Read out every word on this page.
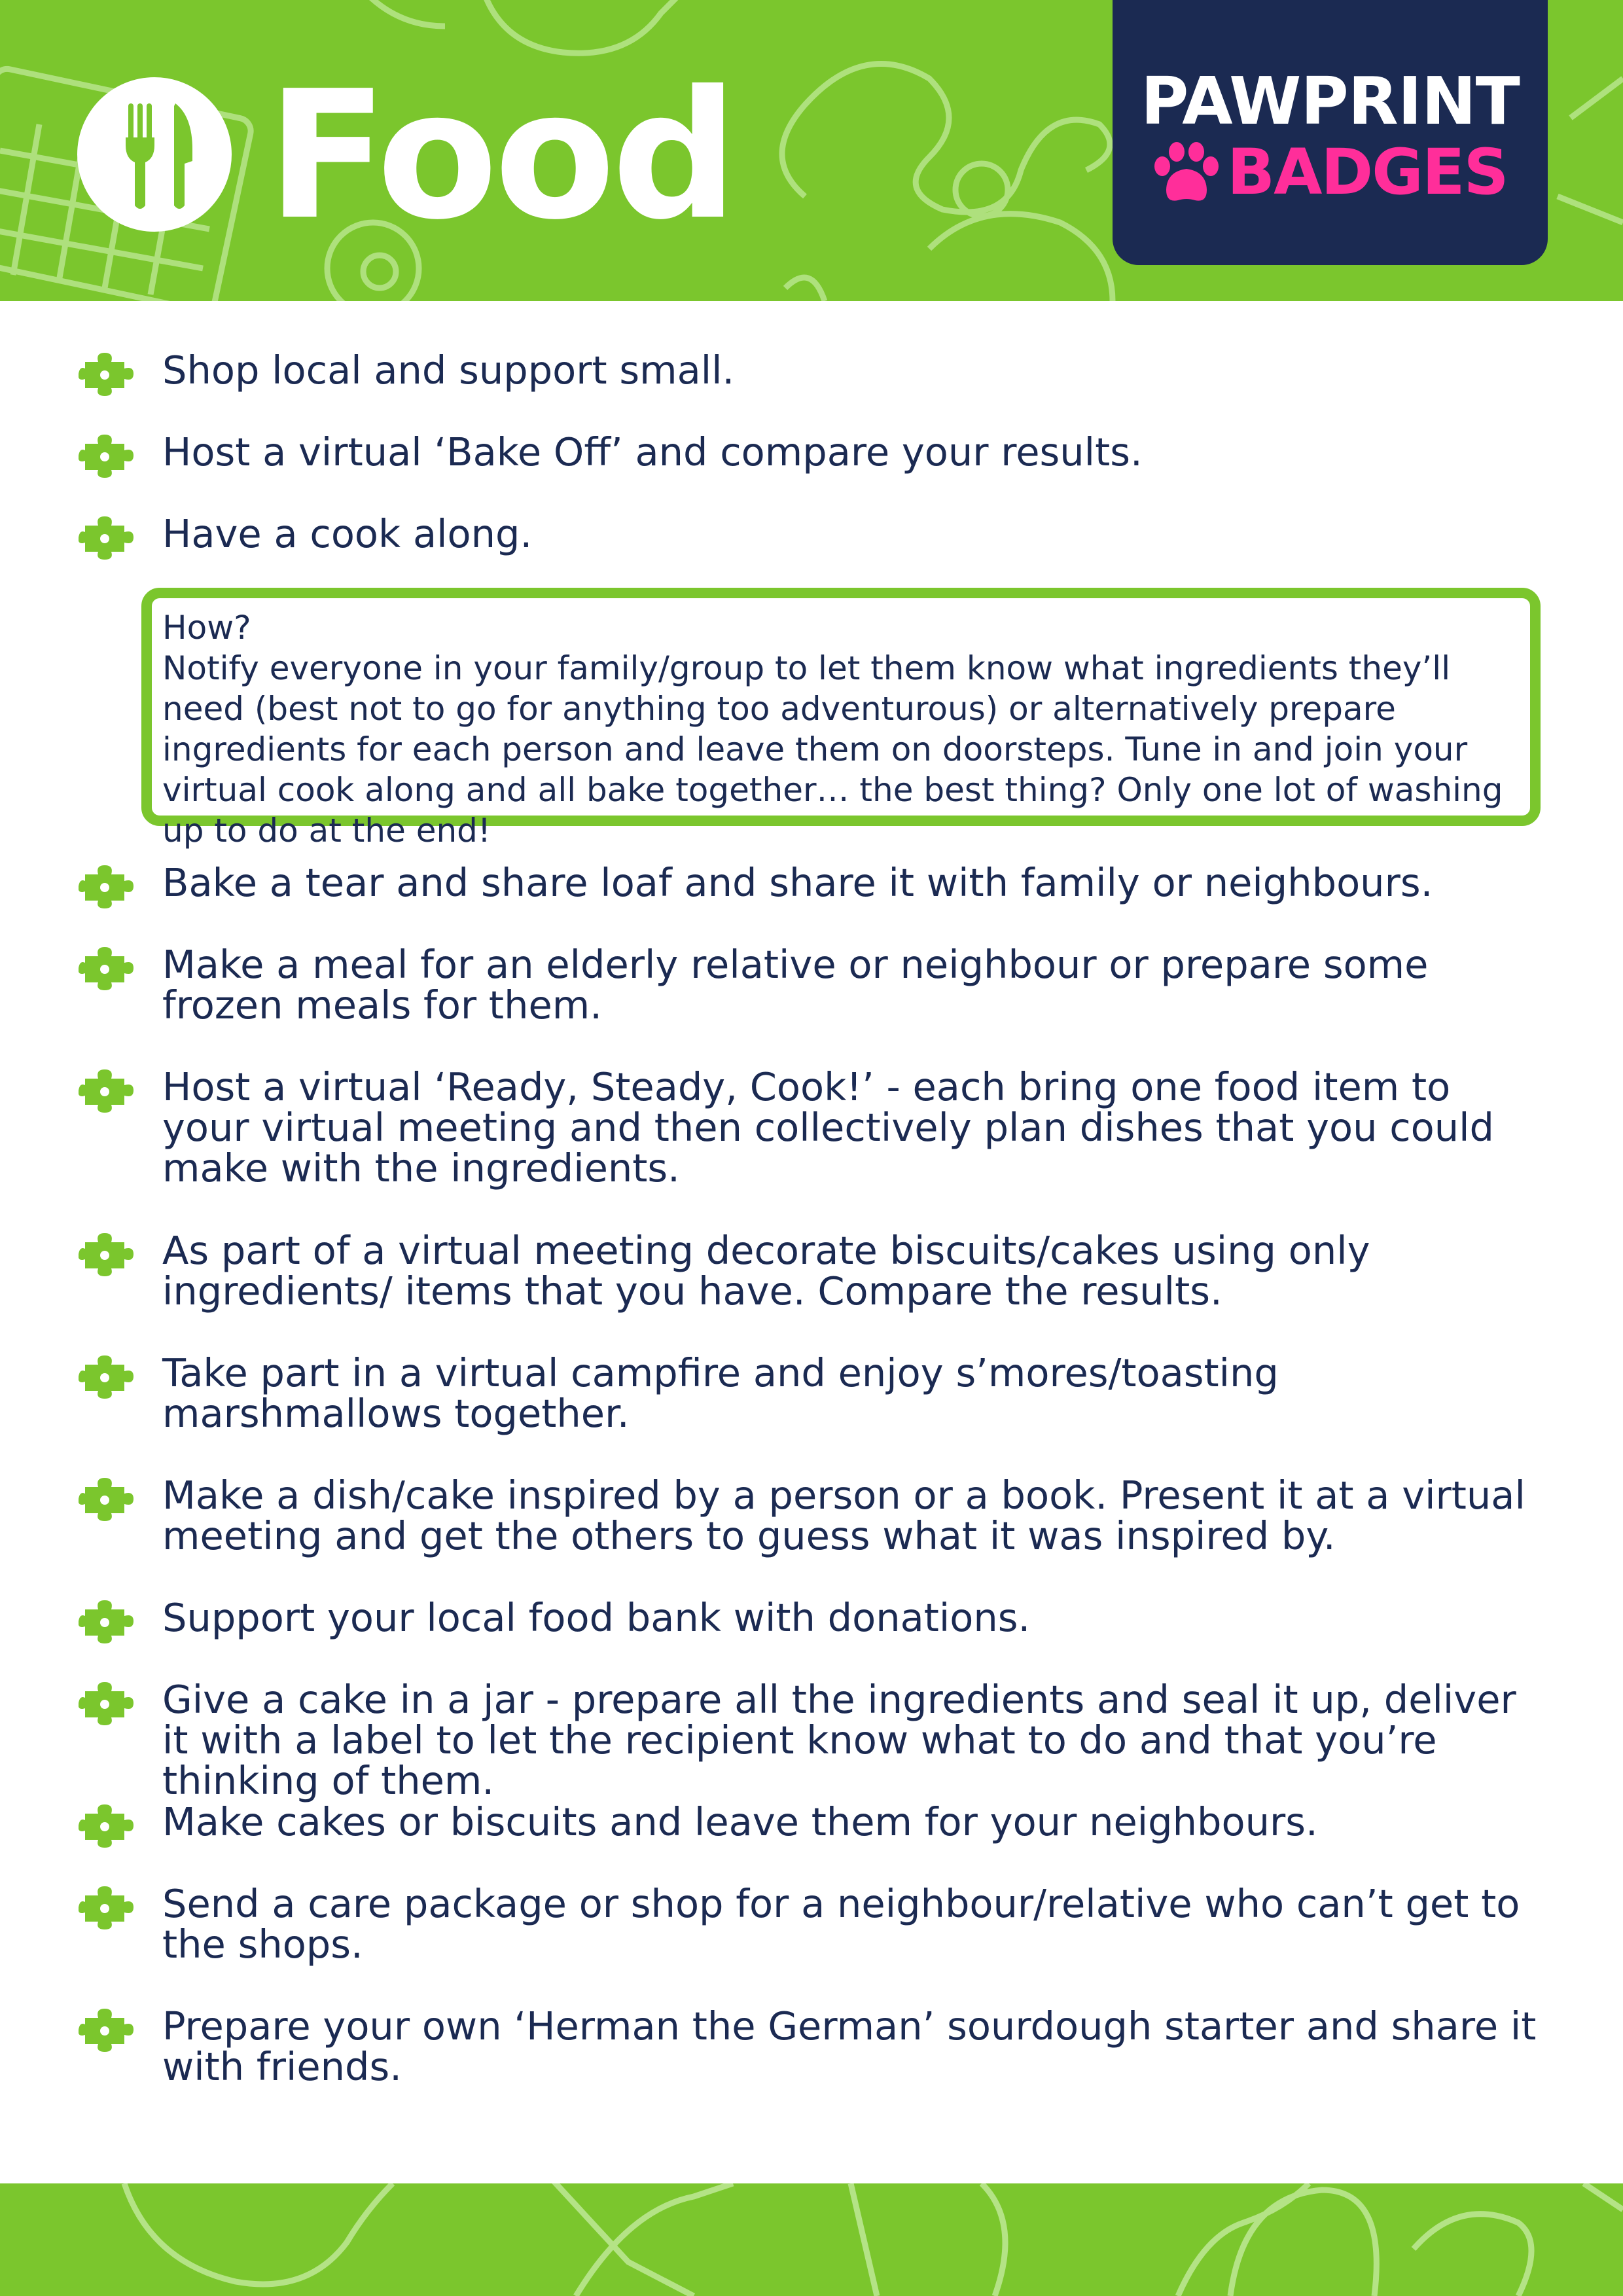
Food	PAWPRINT
BADGES
Shop local and support small.
Host a virtual ‘Bake Off’ and compare your results.
Have a cook along.
How?
Notify everyone in your family/group to let them know what ingredients they’ll need (best not to go for anything too adventurous) or alternatively prepare ingredients for each person and leave them on doorsteps. Tune in and join your virtual cook along and all bake together… the best thing? Only one lot of washing up to do at the end!
Bake a tear and share loaf and share it with family or neighbours.
Make a meal for an elderly relative or neighbour or prepare some frozen meals for them.
Host a virtual ‘Ready, Steady, Cook!’ - each bring one food item to your virtual meeting and then collectively plan dishes that you could make with the ingredients.
As part of a virtual meeting decorate biscuits/cakes using only ingredients/ items that you have. Compare the results.
Take part in a virtual campfire and enjoy s’mores/toasting marshmallows together.
Make a dish/cake inspired by a person or a book. Present it at a virtual meeting and get the others to guess what it was inspired by.
Support your local food bank with donations.
Give a cake in a jar - prepare all the ingredients and seal it up, deliver it with a label to let the recipient know what to do and that you’re thinking of them.
Make cakes or biscuits and leave them for your neighbours.
Send a care package or shop for a neighbour/relative who can’t get to the shops.
Prepare your own ‘Herman the German’ sourdough starter and share it with friends.
